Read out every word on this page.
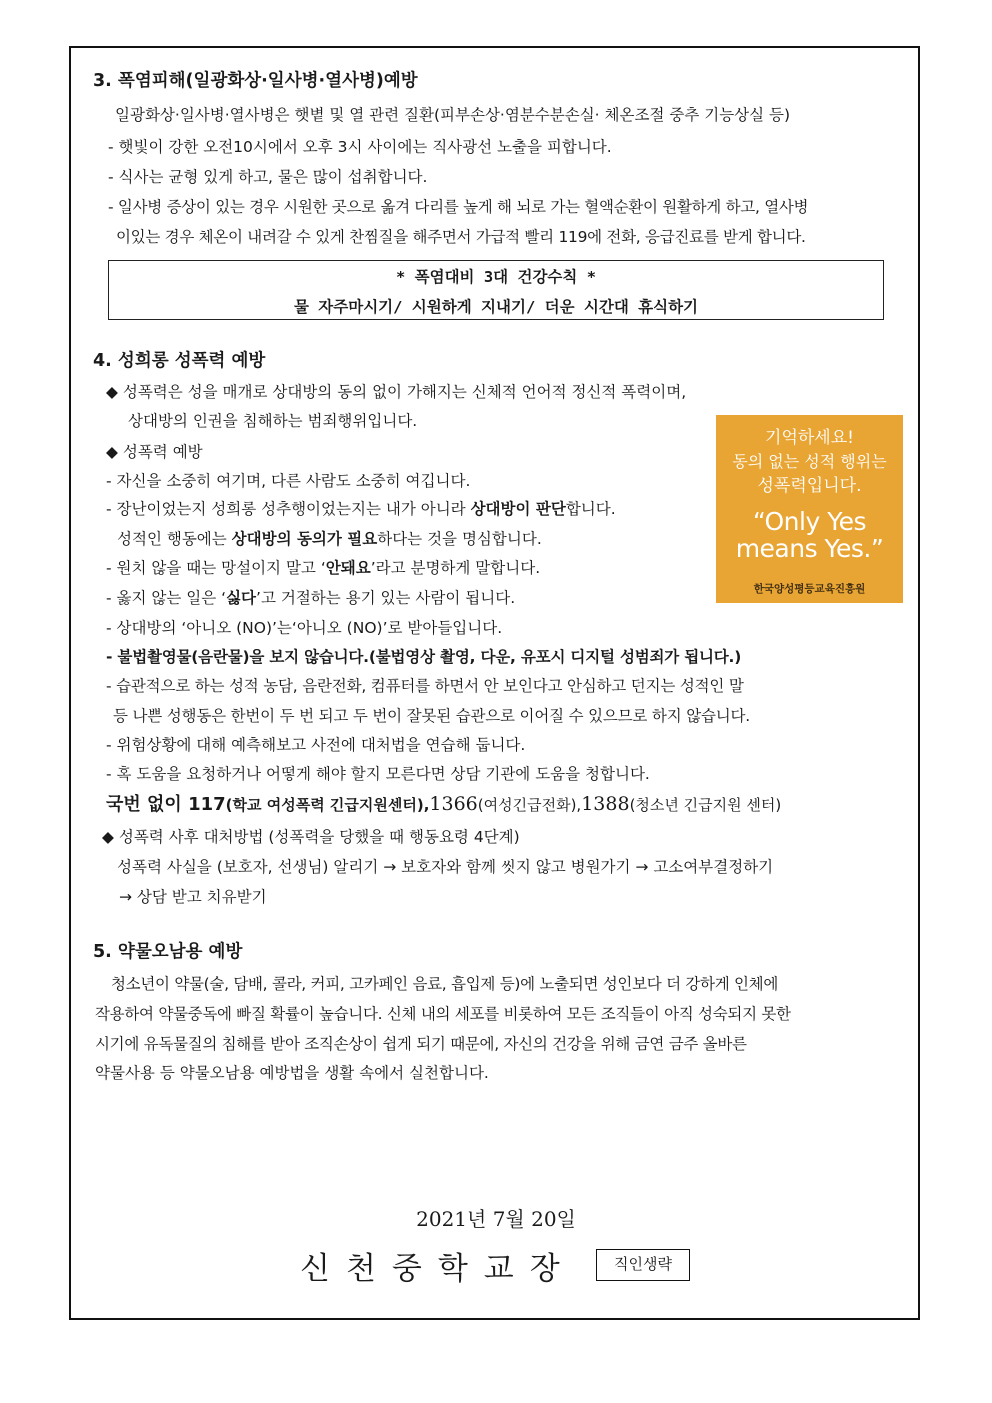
3. 폭염피해(일광화상·일사병·열사병)예방
일광화상·일사병·열사병은 햇볕 및 열 관련 질환(피부손상·염분수분손실· 체온조절 중추 기능상실 등)
- 햇빛이 강한 오전10시에서 오후 3시 사이에는 직사광선 노출을 피합니다.
- 식사는 균형 있게 하고, 물은 많이 섭취합니다.
- 일사병 증상이 있는 경우 시원한 곳으로 옮겨 다리를 높게 해 뇌로 가는 혈액순환이 원활하게 하고, 열사병
이있는 경우 체온이 내려갈 수 있게 찬찜질을 해주면서 가급적 빨리 119에 전화, 응급진료를 받게 합니다.
* 폭염대비 3대 건강수칙 *
물 자주마시기/ 시원하게 지내기/ 더운 시간대 휴식하기
4. 성희롱 성폭력 예방
◆ 성폭력은 성을 매개로 상대방의 동의 없이 가해지는 신체적 언어적 정신적 폭력이며,
상대방의 인권을 침해하는 범죄행위입니다.
◆ 성폭력 예방
- 자신을 소중히 여기며, 다른 사람도 소중히 여깁니다.
- 장난이었는지 성희롱 성추행이었는지는 내가 아니라 상대방이 판단합니다.
성적인 행동에는 상대방의 동의가 필요하다는 것을 명심합니다.
- 원치 않을 때는 망설이지 말고 ‘안돼요’라고 분명하게 말합니다.
- 옳지 않는 일은 ‘싫다’고 거절하는 용기 있는 사람이 됩니다.
- 상대방의 ‘아니오 (NO)’는‘아니오 (NO)’로 받아들입니다.
- 불법촬영물(음란물)을 보지 않습니다.(불법영상 촬영, 다운, 유포시 디지털 성범죄가 됩니다.)
- 습관적으로 하는 성적 농담, 음란전화, 컴퓨터를 하면서 안 보인다고 안심하고 던지는 성적인 말
등 나쁜 성행동은 한번이 두 번 되고 두 번이 잘못된 습관으로 이어질 수 있으므로 하지 않습니다.
- 위험상황에 대해 예측해보고 사전에 대처법을 연습해 둡니다.
- 혹 도움을 요청하거나 어떻게 해야 할지 모른다면 상담 기관에 도움을 청합니다.
국번 없이 117(학교 여성폭력 긴급지원센터),1366(여성긴급전화),1388(청소년 긴급지원 센터)
◆ 성폭력 사후 대처방법 (성폭력을 당했을 때 행동요령 4단계)
성폭력 사실을 (보호자, 선생님) 알리기 → 보호자와 함께 씻지 않고 병원가기 → 고소여부결정하기
→ 상담 받고 치유받기
기억하세요!
동의 없는 성적 행위는
성폭력입니다.
“Only Yes
means Yes.”
한국양성평등교육진흥원
5. 약물오남용 예방
청소년이 약물(술, 담배, 콜라, 커피, 고카페인 음료, 흡입제 등)에 노출되면 성인보다 더 강하게 인체에
작용하여 약물중독에 빠질 확률이 높습니다. 신체 내의 세포를 비롯하여 모든 조직들이 아직 성숙되지 못한
시기에 유독물질의 침해를 받아 조직손상이 쉽게 되기 때문에, 자신의 건강을 위해 금연 금주 올바른
약물사용 등 약물오남용 예방법을 생활 속에서 실천합니다.
2021년 7월 20일
신천중학교장	직인생략
